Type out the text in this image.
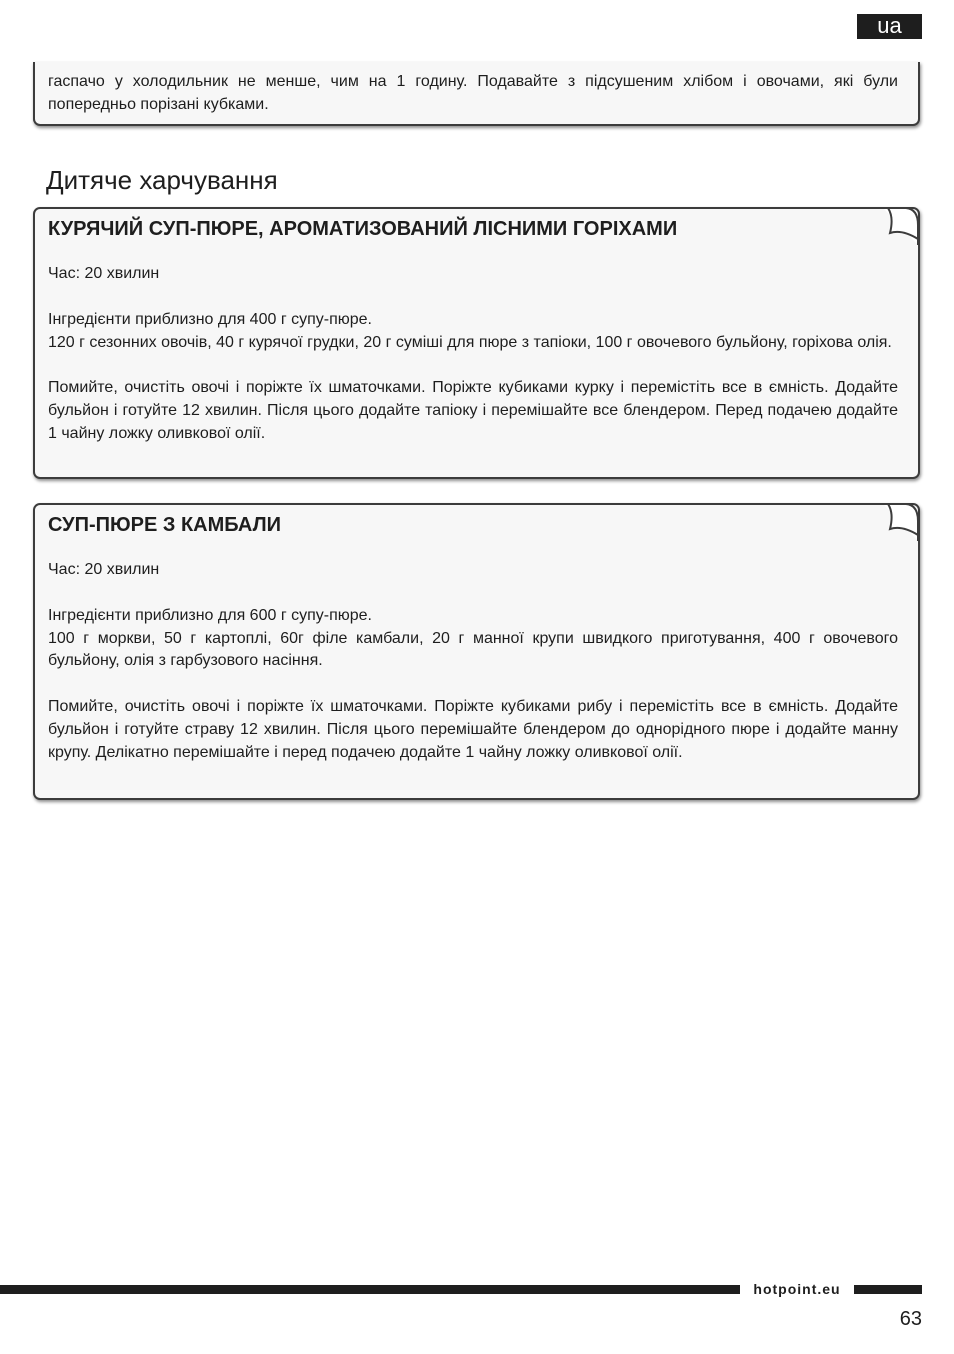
ua

гаспачо у холодильник не менше, чим на 1 годину. Подавайте з підсушеним хлібом і овочами, які були попередньо порізані кубками.

Дитяче харчування
КУРЯЧИЙ СУП-ПЮРЕ, АРОМАТИЗОВАНИЙ ЛІСНИМИ ГОРІХАМИ

Час: 20 хвилин

Інгредієнти приблизно для 400 г супу-пюре.

120 г сезонних овочів, 40 г курячої грудки, 20 г суміші для пюре з тапіоки, 100 г овочевого бульйону, горіхова олія.

Помийте, очистіть овочі і поріжте їх шматочками. Поріжте кубиками курку і перемістіть все в ємність. Додайте бульйон і готуйте 12 хвилин. Після цього додайте тапіоку і перемішайте все блендером. Перед подачею додайте 1 чайну ложку оливкової олії.

СУП-ПЮРЕ З КАМБАЛИ

Час: 20 хвилин

Інгредієнти приблизно для 600 г супу-пюре.

100 г моркви, 50 г картоплі, 60г філе камбали, 20 г манної крупи швидкого приготування, 400 г овочевого бульйону, олія з гарбузового насіння.

Помийте, очистіть овочі і поріжте їх шматочками. Поріжте кубиками рибу і перемістіть все в ємність. Додайте бульйон і готуйте страву 12 хвилин. Після цього перемішайте блендером до однорідного пюре і додайте манну крупу. Делікатно перемішайте і перед подачею додайте 1 чайну ложку оливкової олії.

hotpoint.eu
63
